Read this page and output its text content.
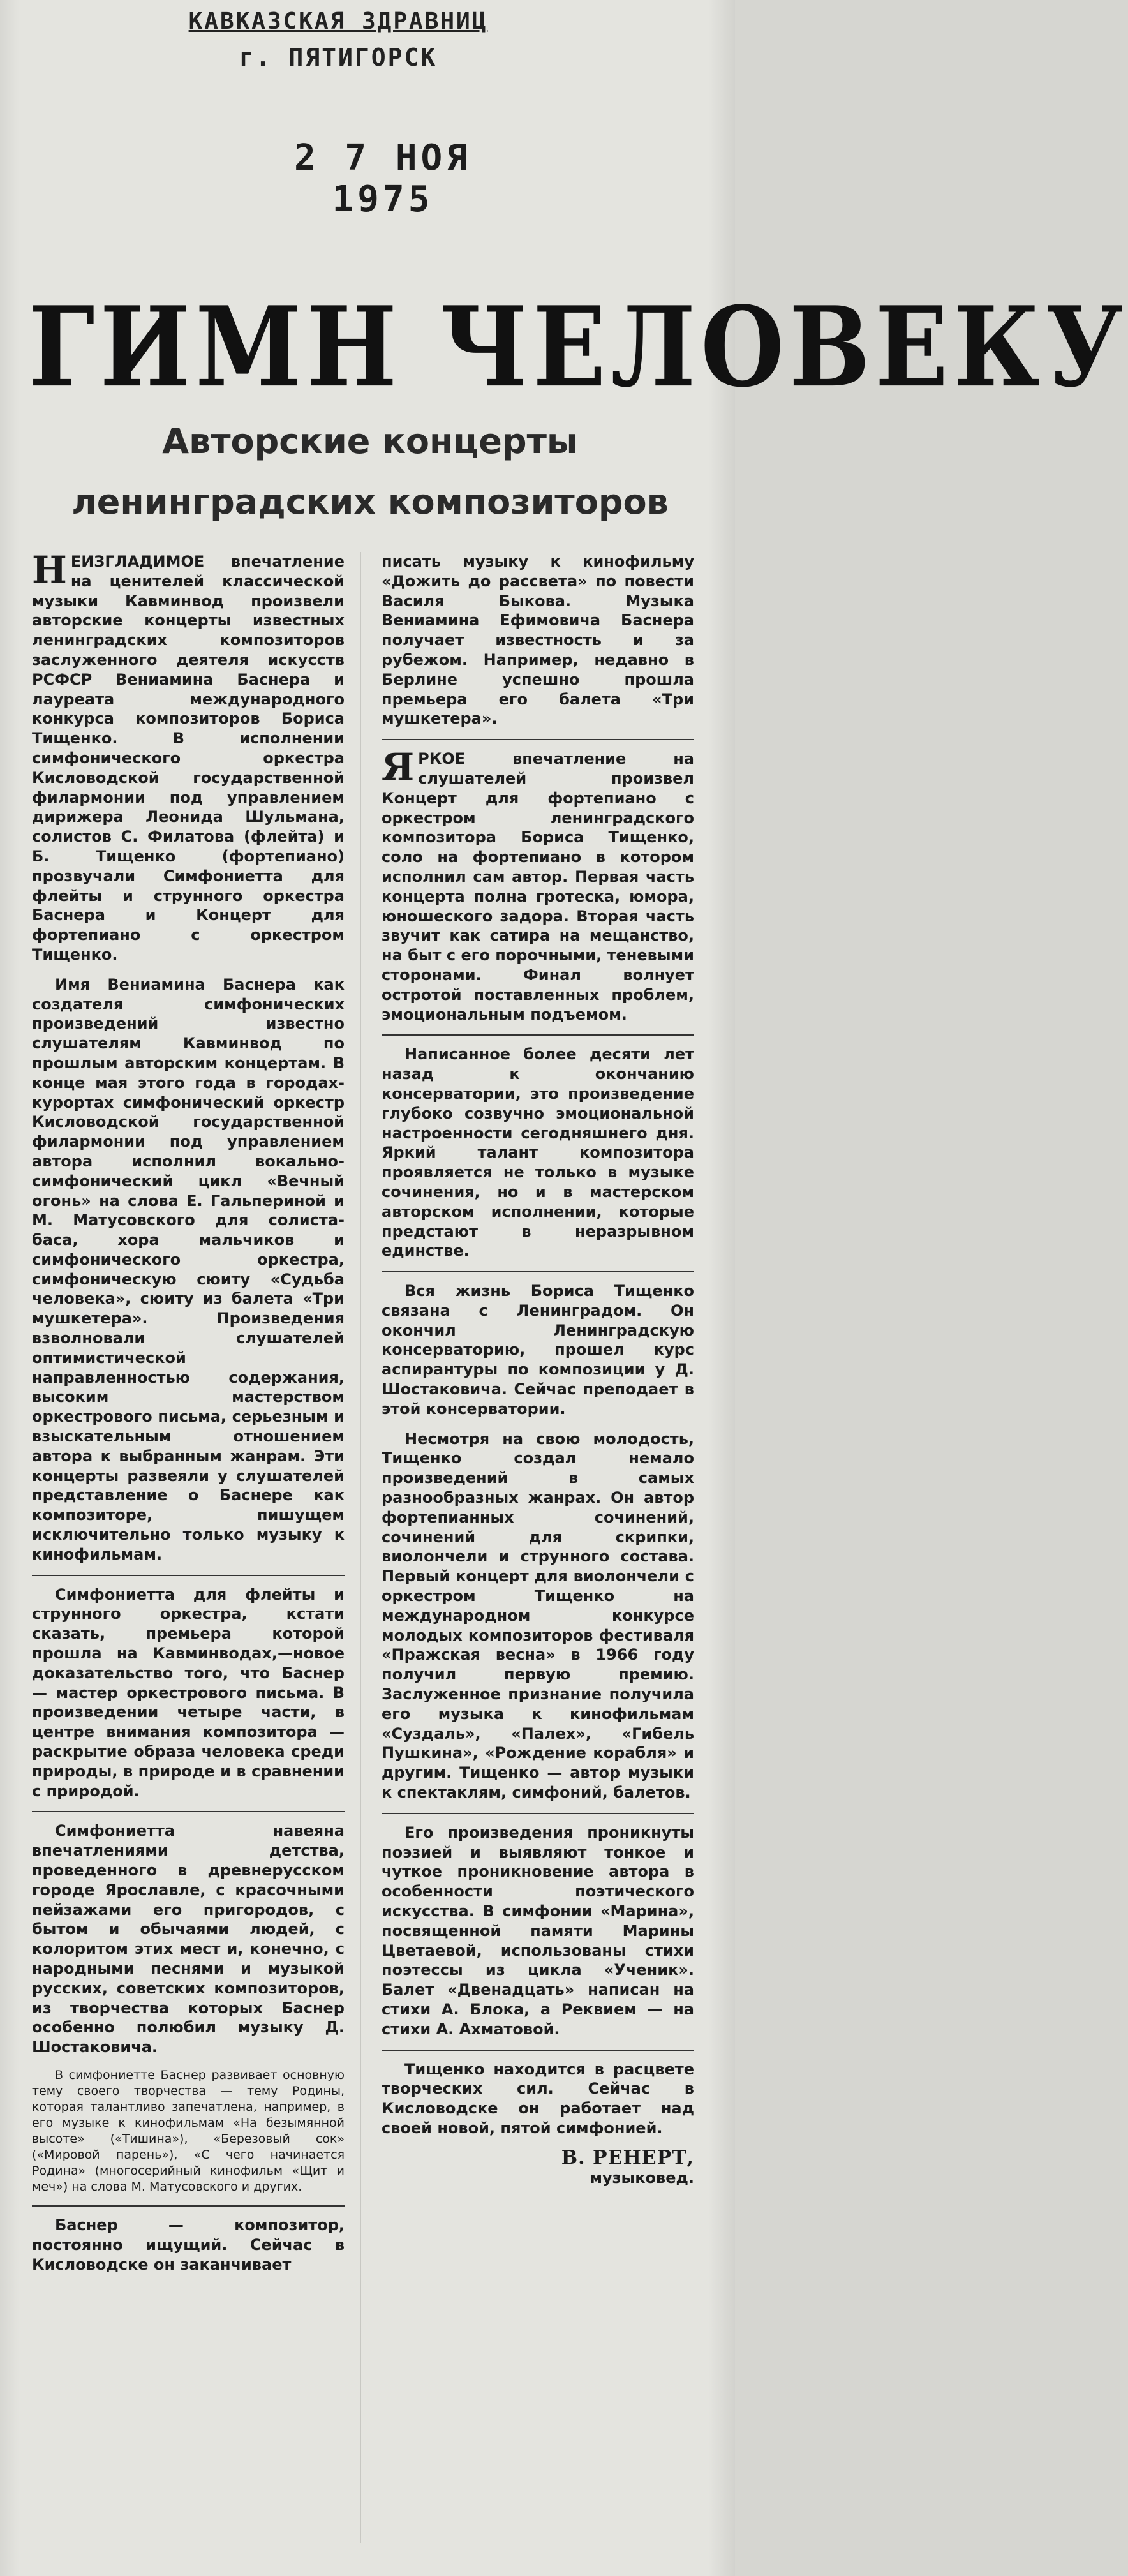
КАВКАЗСКАЯ ЗДРАВНИЦ
г. ПЯТИГОРСК
2 7 НОЯ 1975
ГИМН ЧЕЛОВЕКУ
Авторские концерты
ленинградских композиторов

НЕИЗГЛАДИМОЕ впечатление на ценителей классической музыки Кавминвод произвели авторские концерты известных ленинградских композиторов заслуженного деятеля искусств РСФСР Вениамина Баснера и лауреата международного конкурса композиторов Бориса Тищенко. В исполнении симфонического оркестра Кисловодской государственной филармонии под управлением дирижера Леонида Шульмана, солистов С. Филатова (флейта) и Б. Тищенко (фортепиано) прозвучали Симфониетта для флейты и струнного оркестра Баснера и Концерт для фортепиано с оркестром Тищенко.

Имя Вениамина Баснера как создателя симфонических произведений известно слушателям Кавминвод по прошлым авторским концертам. В конце мая этого года в городах-курортах симфонический оркестр Кисловодской государственной филармонии под управлением автора исполнил вокально-симфонический цикл «Вечный огонь» на слова Е. Гальпериной и М. Матусовского для солиста-баса, хора мальчиков и симфонического оркестра, симфоническую сюиту «Судьба человека», сюиту из балета «Три мушкетера». Произведения взволновали слушателей оптимистической направленностью содержания, высоким мастерством оркестрового письма, серьезным и взыскательным отношением автора к выбранным жанрам. Эти концерты развеяли у слушателей представление о Баснере как композиторе, пишущем исключительно только музыку к кинофильмам.

Симфониетта для флейты и струнного оркестра, кстати сказать, премьера которой прошла на Кавминводах,—новое доказательство того, что Баснер — мастер оркестрового письма. В произведении четыре части, в центре внимания композитора — раскрытие образа человека среди природы, в природе и в сравнении с природой.

Симфониетта навеяна впечатлениями детства, проведенного в древнерусском городе Ярославле, с красочными пейзажами его пригородов, с бытом и обычаями людей, с колоритом этих мест и, конечно, с народными песнями и музыкой русских, советских композиторов, из творчества которых Баснер особенно полюбил музыку Д. Шостаковича.

В симфониетте Баснер развивает основную тему своего творчества — тему Родины, которая талантливо запечатлена, например, в его музыке к кинофильмам «На безымянной высоте» («Тишина»), «Березовый сок» («Мировой парень»), «С чего начинается Родина» (многосерийный кинофильм «Щит и меч») на слова М. Матусовского и других.

Баснер — композитор, постоянно ищущий. Сейчас в Кисловодске он заканчивает

писать музыку к кинофильму «Дожить до рассвета» по повести Василя Быкова. Музыка Вениамина Ефимовича Баснера получает известность и за рубежом. Например, недавно в Берлине успешно прошла премьера его балета «Три мушкетера».

ЯРКОЕ впечатление на слушателей произвел Концерт для фортепиано с оркестром ленинградского композитора Бориса Тищенко, соло на фортепиано в котором исполнил сам автор. Первая часть концерта полна гротеска, юмора, юношеского задора. Вторая часть звучит как сатира на мещанство, на быт с его порочными, теневыми сторонами. Финал волнует остротой поставленных проблем, эмоциональным подъемом.

Написанное более десяти лет назад к окончанию консерватории, это произведение глубоко созвучно эмоциональной настроенности сегодняшнего дня. Яркий талант композитора проявляется не только в музыке сочинения, но и в мастерском авторском исполнении, которые предстают в неразрывном единстве.

Вся жизнь Бориса Тищенко связана с Ленинградом. Он окончил Ленинградскую консерваторию, прошел курс аспирантуры по композиции у Д. Шостаковича. Сейчас преподает в этой консерватории.

Несмотря на свою молодость, Тищенко создал немало произведений в самых разнообразных жанрах. Он автор фортепианных сочинений, сочинений для скрипки, виолончели и струнного состава. Первый концерт для виолончели с оркестром Тищенко на международном конкурсе молодых композиторов фестиваля «Пражская весна» в 1966 году получил первую премию. Заслуженное признание получила его музыка к кинофильмам «Суздаль», «Палех», «Гибель Пушкина», «Рождение корабля» и другим. Тищенко — автор музыки к спектаклям, симфоний, балетов.

Его произведения проникнуты поэзией и выявляют тонкое и чуткое проникновение автора в особенности поэтического искусства. В симфонии «Марина», посвященной памяти Марины Цветаевой, использованы стихи поэтессы из цикла «Ученик». Балет «Двенадцать» написан на стихи А. Блока, а Реквием — на стихи А. Ахматовой.

Тищенко находится в расцвете творческих сил. Сейчас в Кисловодске он работает над своей новой, пятой симфонией.

В. РЕНЕРТ,
музыковед.
